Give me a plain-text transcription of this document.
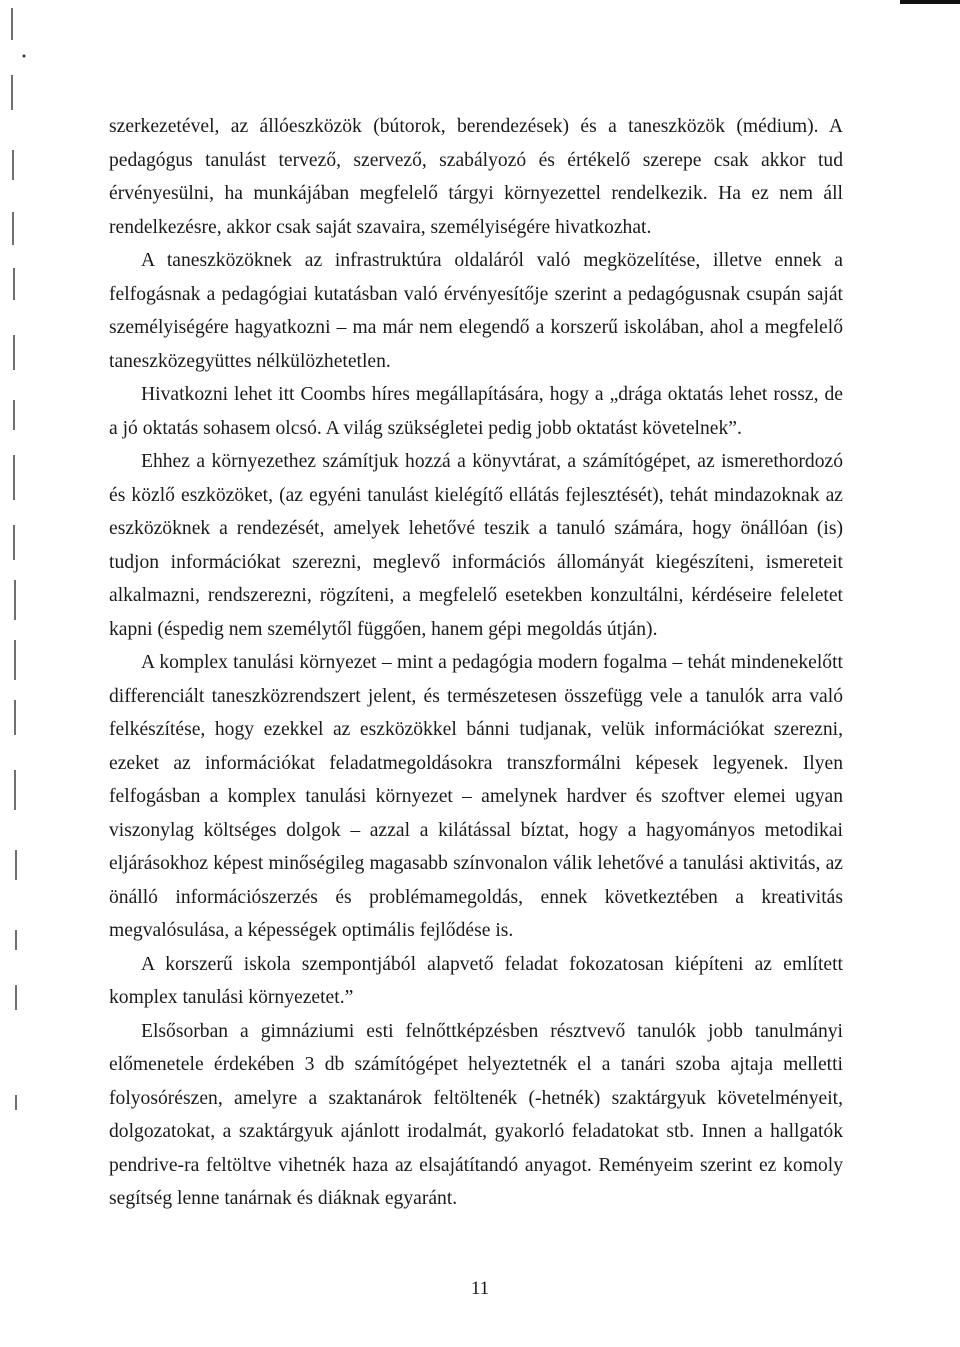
szerkezetével, az állóeszközök (bútorok, berendezések) és a taneszközök (médium). A pedagógus tanulást tervező, szervező, szabályozó és értékelő szerepe csak akkor tud érvényesülni, ha munkájában megfelelő tárgyi környezettel rendelkezik. Ha ez nem áll rendelkezésre, akkor csak saját szavaira, személyiségére hivatkozhat.

A taneszközöknek az infrastruktúra oldaláról való megközelítése, illetve ennek a felfogásnak a pedagógiai kutatásban való érvényesítője szerint a pedagógusnak csupán saját személyiségére hagyatkozni – ma már nem elegendő a korszerű iskolában, ahol a megfelelő taneszközegyüttes nélkülözhetetlen.

Hivatkozni lehet itt Coombs híres megállapítására, hogy a „drága oktatás lehet rossz, de a jó oktatás sohasem olcsó. A világ szükségletei pedig jobb oktatást követelnek”.

Ehhez a környezethez számítjuk hozzá a könyvtárat, a számítógépet, az ismerethordozó és közlő eszközöket, (az egyéni tanulást kielégítő ellátás fejlesztését), tehát mindazoknak az eszközöknek a rendezését, amelyek lehetővé teszik a tanuló számára, hogy önállóan (is) tudjon információkat szerezni, meglevő információs állományát kiegészíteni, ismereteit alkalmazni, rendszerezni, rögzíteni, a megfelelő esetekben konzultálni, kérdéseire feleletet kapni (éspedig nem személytől függően, hanem gépi megoldás útján).

A komplex tanulási környezet – mint a pedagógia modern fogalma – tehát mindenekelőtt differenciált taneszközrendszert jelent, és természetesen összefügg vele a tanulók arra való felkészítése, hogy ezekkel az eszközökkel bánni tudjanak, velük információkat szerezni, ezeket az információkat feladatmegoldásokra transzformálni képesek legyenek. Ilyen felfogásban a komplex tanulási környezet – amelynek hardver és szoftver elemei ugyan viszonylag költséges dolgok – azzal a kilátással bíztat, hogy a hagyományos metodikai eljárásokhoz képest minőségileg magasabb színvonalon válik lehetővé a tanulási aktivitás, az önálló információszerzés és problémamegoldás, ennek következtében a kreativitás megvalósulása, a képességek optimális fejlődése is.

A korszerű iskola szempontjából alapvető feladat fokozatosan kiépíteni az említett komplex tanulási környezetet.”

Elsősorban a gimnáziumi esti felnőttképzésben résztvevő tanulók jobb tanulmányi előmenetele érdekében 3 db számítógépet helyeztetnék el a tanári szoba ajtaja melletti folyosórészen, amelyre a szaktanárok feltöltenék (-hetnék) szaktárgyuk követelményeit, dolgozatokat, a szaktárgyuk ajánlott irodalmát, gyakorló feladatokat stb. Innen a hallgatók pendrive-ra feltöltve vihetnék haza az elsajátítandó anyagot. Reményeim szerint ez komoly segítség lenne tanárnak és diáknak egyaránt.

11
